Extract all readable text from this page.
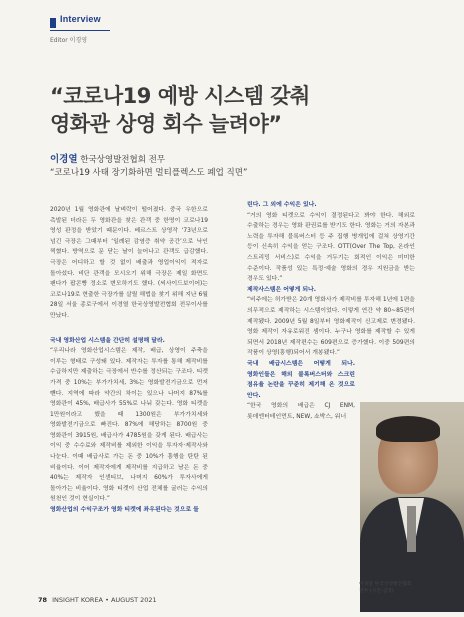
Interview
Editor 이경영
“코로나19 예방 시스템 갖춰
영화관 상영 회수 늘려야”
이경열 한국상영발전협회 전무
“코로나19 사태 장기화하면 멀티플렉스도 폐업 직면”

2020년 1월 영화관에 날벼락이 떨어졌다. 중국 우한으로 촉발된 더라든 두 영화관을 찾은 관객 중 한명이 코로나19 영성 판정을 받았기 때문이다. 베르스트 상영작 ‘73년으로 넘긴 극장은 그때부터 ‘일례된 감염증 취약 공간’으로 낙인 찍혔다. 방역으로 문 닫는 날이 늘어나고 관객도 급감했다. 극장은 어디하고 할 것 없이 배출과 영업이익이 적자로 돌아섰다. 비단 관객을 모시오기 위해 극장은 제일 화면도 팬다가 팝콘빵 정소로 변모하기도 했다. (씨사이드보이어)는 코로나19로 현출한 극장가를 살릴 해법을 찾기 위해 지난 6월 28일 서울 종로구에서 이경열 한국상영발전협회 전무이사를 만났다.

국내 영화산업 시스템을 간단히 설명해 달라.

“우리나라 영화산업시스템은 제작, 배급, 상영이 주축을 이루는 형태로 구성돼 있다. 제작자는 투자를 통해 제작비를 수급하지만 제출하는 극장에서 반수를 정산되는 구조다. 티켓 가격 중 10%는 부가가치세, 3%는 영화발전기금으로 먼저 뺀다. 지역에 따라 약간의 차이는 있으나 나머지 87%를 영화관이 45%, 배급사가 55%로 나눠 갖는다. 영화 티켓을 1만원이라고 했을 때 1300원은 부가가치세와 영화발전기금으로 빠진다. 87%에 해당하는 8700원 중 영화관이 3915원, 배급사가 4785원을 갖게 된다. 배급사는 이익 중 수수료와 제작비를 제외한 이익을 투자자·제작사와 나눈다. 이때 배급사로 가는 돈 중 10%가 흥행을 탄탄 된 비율이다. 이어 제작자에게 제작비를 지급하고 남은 돈 중 40%는 제작자 인센티브, 나머지 60%가 투자사에게 돌아가는 비율이다. 영화 티켓이 산업 전체를 굴러는 수익의 원천인 것이 현실이다.”

영화산업의 수익구조가 영화 티켓에 좌우된다는 것으로 들

린다. 그 외에 수익은 있나.

“거의 영화 티켓으로 수익이 결정된다고 봐야 한다. 해외로 수출하는 경우는 영화 판권료를 받기도 한다. 영화는 거의 자본과 노력을 투자해 블록버스터 등 주 집행 병개입에 걸쳐 상영기간 등이 신속히 수익을 얻는 구조다. OTT(Over The Top, 온라인 스트리밍 서비스)로 수익을 거두기는 회적인 이익은 미미한 수준이다. 작품성 있는 특정·예술 영화의 경우 지원금을 받는 경우도 있다.”

제작사스템은 어떻게 되나.

“비주에는 허가받은 20개 영화사가 제작비를 투자해 1년에 1편을 의무적으로 제작하는 시스템이었다. 이렇게 연간 약 80~85편이 제작됐다. 2009년 5월 8일부터 영화제작이 신고제로 변경됐다. 영화 제작이 자유로워진 셈이다. 누구나 영화를 제작할 수 있게 되면서 2018년 제작편수는 609편으로 증가했다. 이중 509편의 작품이 상영(흥행)되어서 개봉됐다.”

국내 배급시스템은 어떻게 되나. 영화인들은 해외 블록버스터와 스크린 점유율 논란을 꾸준히 제기해 온 것으로 안다.

“한국 영화의 배급은 CJ ENM, 롯데엔터테인먼트, NEW, 쇼박스, 워너

이경열 한국상영발전협회
전무 (사진:김영)
78 INSIGHT KOREA • AUGUST 2021
